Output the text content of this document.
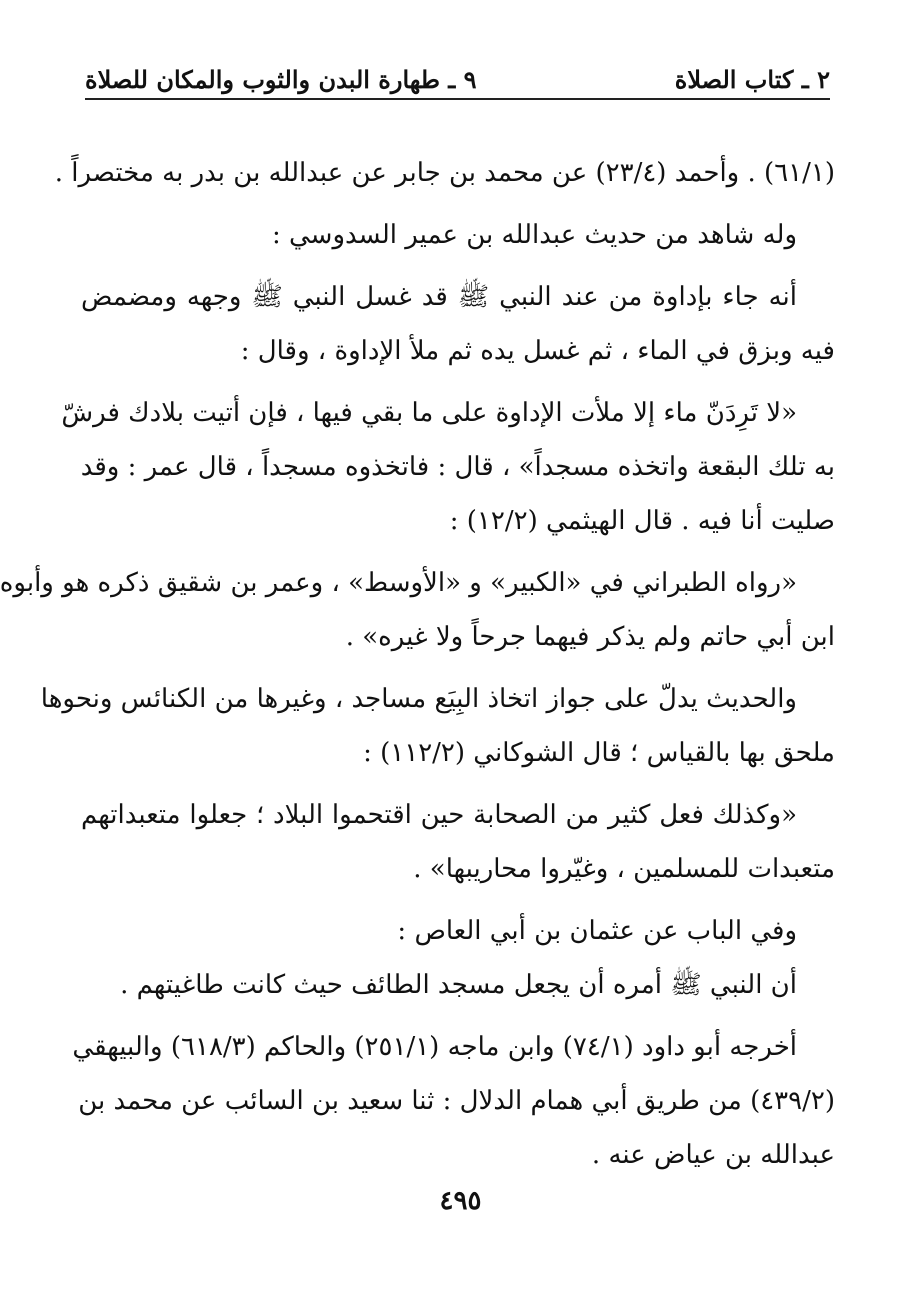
٢ ـ كتاب الصلاة
٩ ـ طهارة البدن والثوب والمكان للصلاة
(٦١/١) . وأحمد (٢٣/٤) عن محمد بن جابر عن عبدالله بن بدر به مختصراً .
وله شاهد من حديث عبدالله بن عمير السدوسي :
أنه جاء بإداوة من عند النبي ﷺ قد غسل النبي ﷺ وجهه ومضمض
فيه وبزق في الماء ، ثم غسل يده ثم ملأ الإداوة ، وقال :
«لا تَرِدَنّ ماء إلا ملأت الإداوة على ما بقي فيها ، فإن أتيت بلادك فرشّ
به تلك البقعة واتخذه مسجداً» ، قال : فاتخذوه مسجداً ، قال عمر : وقد
صليت أنا فيه . قال الهيثمي (١٢/٢) :
«رواه الطبراني في «الكبير» و «الأوسط» ، وعمر بن شقيق ذكره هو وأبوه
ابن أبي حاتم ولم يذكر فيهما جرحاً ولا غيره» .
والحديث يدلّ على جواز اتخاذ البِيَع مساجد ، وغيرها من الكنائس ونحوها
ملحق بها بالقياس ؛ قال الشوكاني (١١٢/٢) :
«وكذلك فعل كثير من الصحابة حين اقتحموا البلاد ؛ جعلوا متعبداتهم
متعبدات للمسلمين ، وغيّروا محاريبها» .
وفي الباب عن عثمان بن أبي العاص :
أن النبي ﷺ أمره أن يجعل مسجد الطائف حيث كانت طاغيتهم .
أخرجه أبو داود (٧٤/١) وابن ماجه (٢٥١/١) والحاكم (٦١٨/٣) والبيهقي
(٤٣٩/٢) من طريق أبي همام الدلال : ثنا سعيد بن السائب عن محمد بن
عبدالله بن عياض عنه .
٤٩٥
